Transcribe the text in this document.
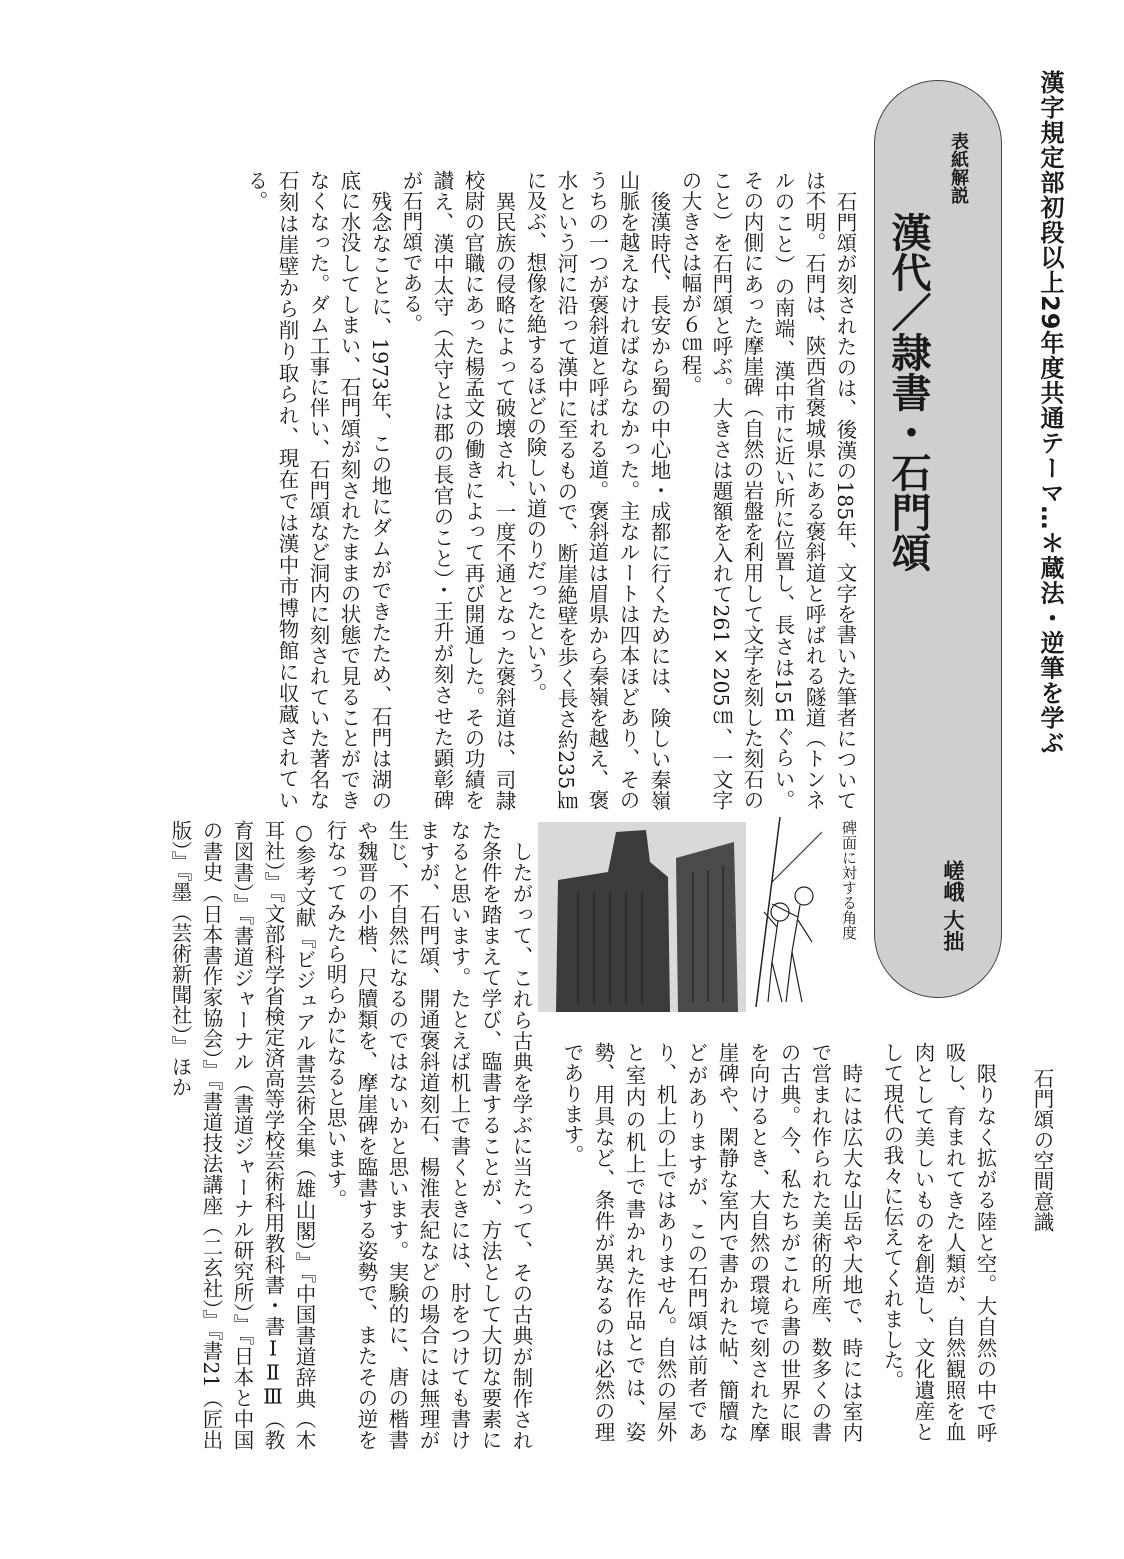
漢字規定部初段以上29年度共通テーマ…＊蔵法・逆筆を学ぶ
表紙解説
漢代／隷書・石門頌
嵯峨 大拙

石門頌が刻されたのは、後漢の185年、文字を書いた筆者については不明。石門は、陝西省褒城県にある褒斜道と呼ばれる隧道（トンネルのこと）の南端、漢中市に近い所に位置し、長さは15ｍぐらい。その内側にあった摩崖碑（自然の岩盤を利用して文字を刻した刻石のこと）を石門頌と呼ぶ。大きさは題額を入れて261×205㎝、一文字の大きさは幅が６㎝程。

後漢時代、長安から蜀の中心地・成都に行くためには、険しい秦嶺山脈を越えなければならなかった。主なルートは四本ほどあり、そのうちの一つが褒斜道と呼ばれる道。褒斜道は眉県から秦嶺を越え、褒水という河に沿って漢中に至るもので、断崖絶壁を歩く長さ約235㎞に及ぶ、想像を絶するほどの険しい道のりだったという。

異民族の侵略によって破壊され、一度不通となった褒斜道は、司隷校尉の官職にあった楊孟文の働きによって再び開通した。その功績を讃え、漢中太守（太守とは郡の長官のこと）・王升が刻させた顕彰碑が石門頌である。

残念なことに、1973年、この地にダムができたため、石門は湖の底に水没してしまい、石門頌が刻されたままの状態で見ることができなくなった。ダム工事に伴い、石門頌など洞内に刻されていた著名な石刻は崖壁から削り取られ、現在では漢中市博物館に収蔵されている。

石門頌の空間意識

限りなく拡がる陸と空。大自然の中で呼吸し、育まれてきた人類が、自然観照を血肉として美しいものを創造し、文化遺産として現代の我々に伝えてくれました。

時には広大な山岳や大地で、時には室内で営まれ作られた美術的所産、数多くの書の古典。今、私たちがこれら書の世界に眼を向けるとき、大自然の環境で刻された摩崖碑や、閑静な室内で書かれた帖、簡牘などがありますが、この石門頌は前者であり、机上の上ではありません。自然の屋外と室内の机上で書かれた作品とでは、姿勢、用具など、条件が異なるのは必然の理であります。

碑面に対する角度

したがって、これら古典を学ぶに当たって、その古典が制作された条件を踏まえて学び、臨書することが、方法として大切な要素になると思います。たとえば机上で書くときには、肘をつけても書けますが、石門頌、開通褒斜道刻石、楊淮表紀などの場合には無理が生じ、不自然になるのではないかと思います。実験的に、唐の楷書や魏晋の小楷、尺牘類を、摩崖碑を臨書する姿勢で、またその逆を行なってみたら明らかになると思います。

○参考文献『ビジュアル書芸術全集（雄山閣）』『中国書道辞典（木耳社）』『文部科学省検定済高等学校芸術科用教科書・書ⅠⅡⅢ（教育図書）』『書道ジャーナル（書道ジャーナル研究所）』『日本と中国の書史（日本書作家協会）』『書道技法講座（二玄社）』『書21（匠出版）』『墨（芸術新聞社）』ほか
